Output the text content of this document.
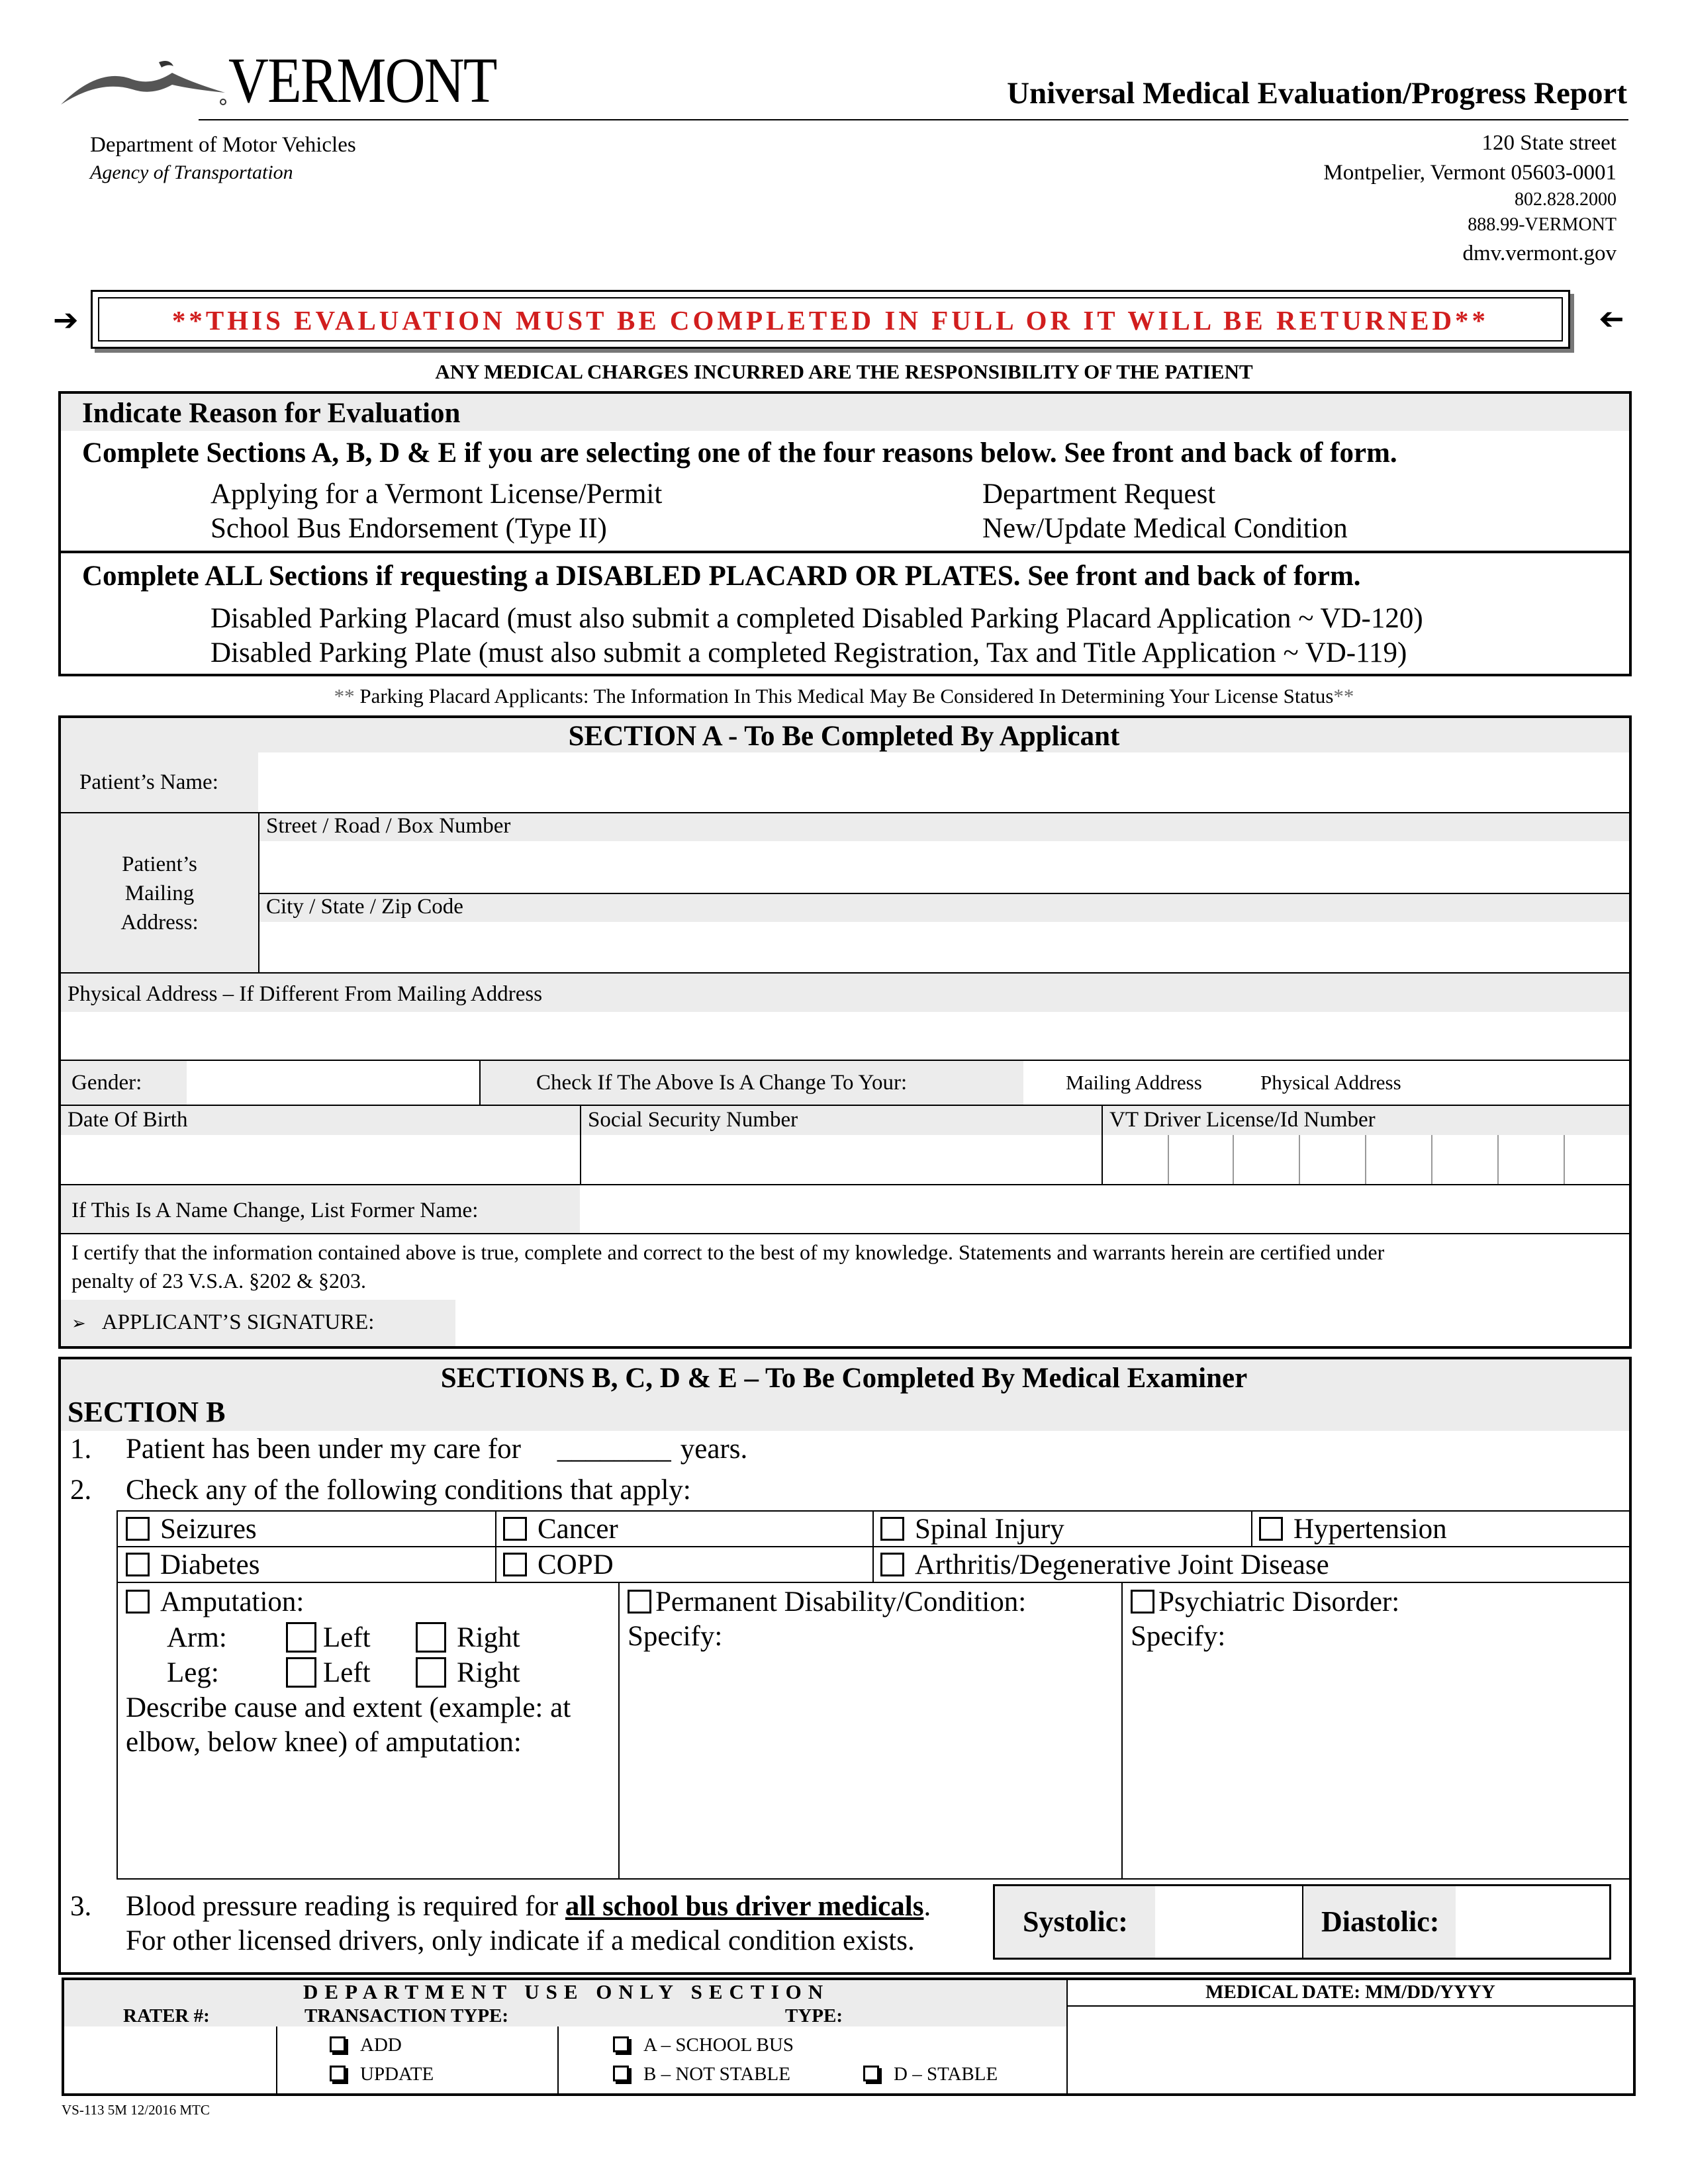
VERMONT	Universal Medical Evaluation/Progress Report
Department of Motor Vehicles
Agency of Transportation
120 State street
Montpelier, Vermont 05603-0001
802.828.2000
888.99-VERMONT
dmv.vermont.gov
➔	**THIS EVALUATION MUST BE COMPLETED IN FULL OR IT WILL BE RETURNED**	➔
ANY MEDICAL CHARGES INCURRED ARE THE RESPONSIBILITY OF THE PATIENT
Indicate Reason for Evaluation
Complete Sections A, B, D & E if you are selecting one of the four reasons below. See front and back of form.
Applying for a Vermont License/Permit
School Bus Endorsement (Type II)
Department Request
New/Update Medical Condition
Complete ALL Sections if requesting a DISABLED PLACARD OR PLATES. See front and back of form.
Disabled Parking Placard (must also submit a completed Disabled Parking Placard Application ~ VD-120)
Disabled Parking Plate (must also submit a completed Registration, Tax and Title Application ~ VD-119)
** Parking Placard Applicants: The Information In This Medical May Be Considered In Determining Your License Status**
SECTION A - To Be Completed By Applicant
Patient’s Name:
Patient’s
Mailing
Address:
Street / Road / Box Number
City / State / Zip Code
Physical Address – If Different From Mailing Address
Gender:	Check If The Above Is A Change To Your:	Mailing Address	Physical Address
Date Of Birth	Social Security Number	VT Driver License/Id Number
If This Is A Name Change, List Former Name:
I certify that the information contained above is true, complete and correct to the best of my knowledge. Statements and warrants herein are certified under
penalty of 23 V.S.A. §202 & §203.
➢ APPLICANT’S SIGNATURE:
SECTIONS B, C, D & E – To Be Completed By Medical Examiner
SECTION B
1. Patient has been under my care for ________ years.
2. Check any of the following conditions that apply:
Seizures	Cancer	Spinal Injury	Hypertension
Diabetes	COPD	Arthritis/Degenerative Joint Disease
Amputation:
Arm:	Left	Right
Leg:	Left	Right
Describe cause and extent (example: at
elbow, below knee) of amputation:
Permanent Disability/Condition:
Specify:
Psychiatric Disorder:
Specify:
3. Blood pressure reading is required for all school bus driver medicals.
For other licensed drivers, only indicate if a medical condition exists.
Systolic:	Diastolic:
DEPARTMENT USE ONLY SECTION
RATER #:	TRANSACTION TYPE:	TYPE:
MEDICAL DATE: MM/DD/YYYY
ADD
UPDATE
A – SCHOOL BUS
B – NOT STABLE	D – STABLE
VS-113 5M 12/2016 MTC
